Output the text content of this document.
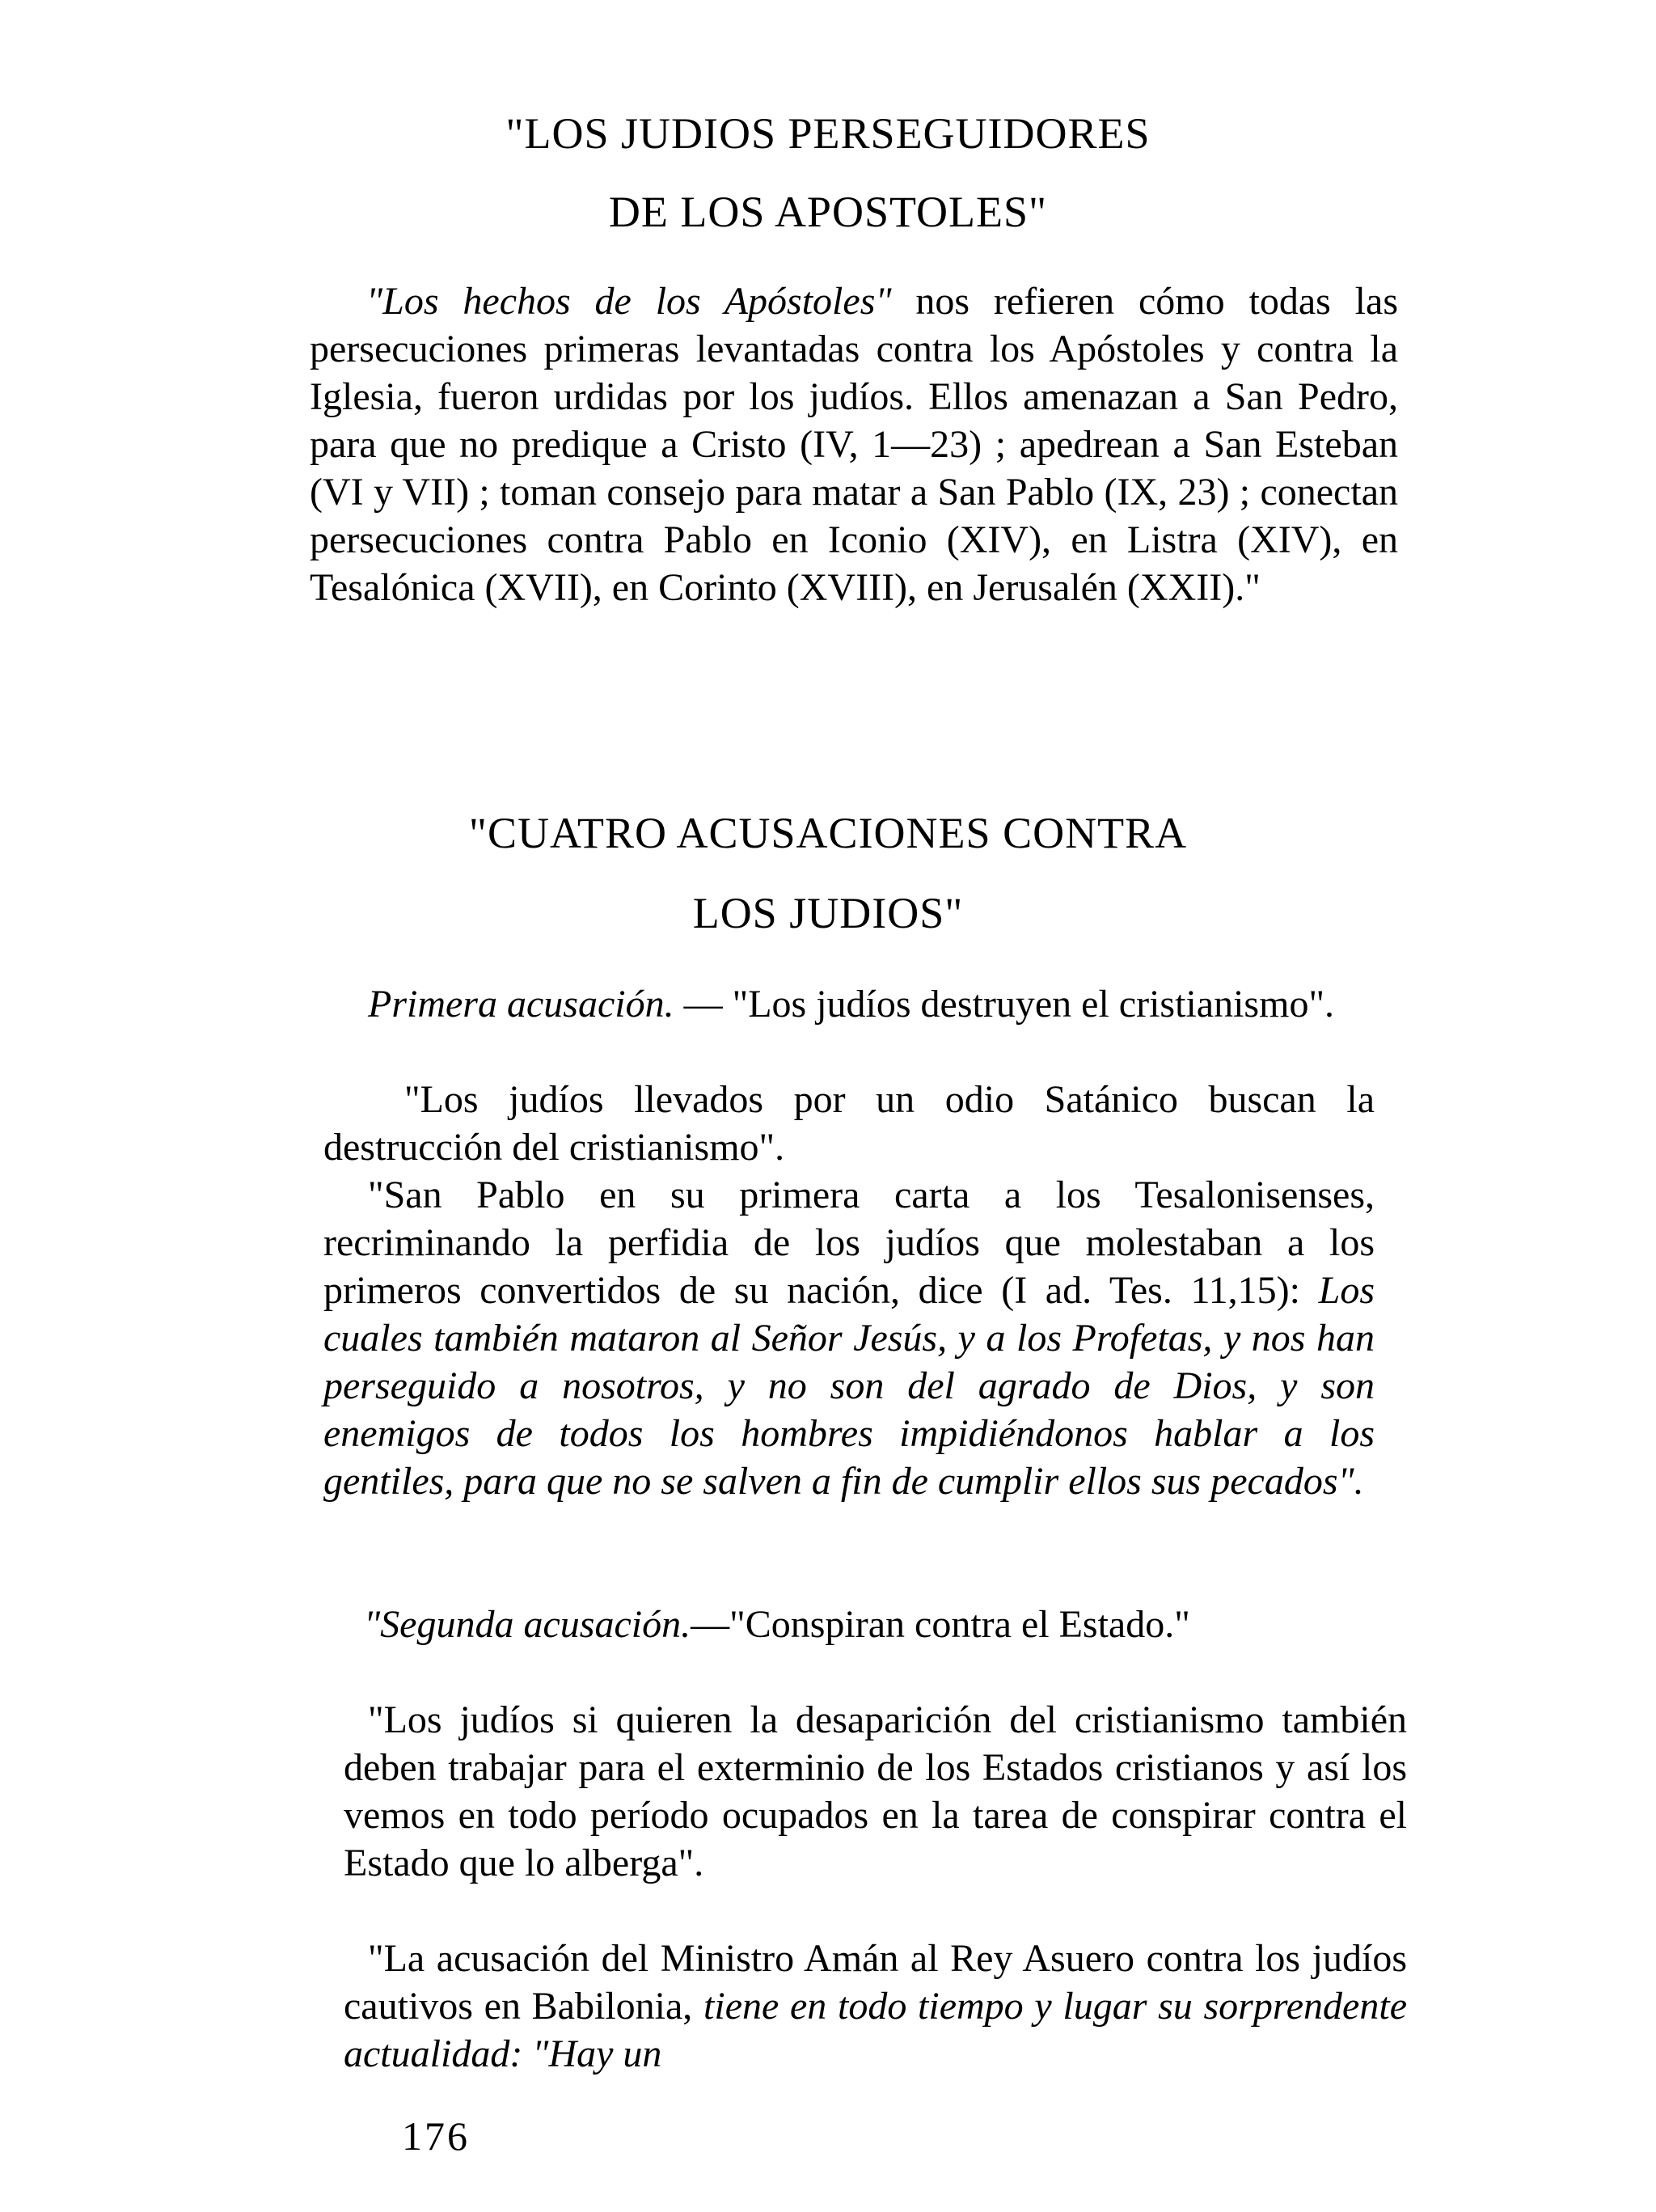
"LOS JUDIOS PERSEGUIDORES
DE LOS APOSTOLES"

"Los hechos de los Apóstoles" nos refieren cómo todas las persecuciones primeras levantadas contra los Apóstoles y contra la Iglesia, fueron urdidas por los judíos. Ellos amenazan a San Pedro, para que no predique a Cristo (IV, 1—23) ; apedrean a San Esteban (VI y VII) ; toman consejo para matar a San Pablo (IX, 23) ; conectan persecuciones contra Pablo en Iconio (XIV), en Listra (XIV), en Tesalónica (XVII), en Corinto (XVIII), en Jerusalén (XXII)."

"CUATRO ACUSACIONES CONTRA
LOS JUDIOS"

Primera acusación. — "Los judíos destruyen el cristianismo".

"Los judíos llevados por un odio Satánico buscan la destrucción del cristianismo".

"San Pablo en su primera carta a los Tesalonisenses, recriminando la perfidia de los judíos que molestaban a los primeros convertidos de su nación, dice (I ad. Tes. 11,15): Los cuales también mataron al Señor Jesús, y a los Profetas, y nos han perseguido a nosotros, y no son del agrado de Dios, y son enemigos de todos los hombres impidiéndonos hablar a los gentiles, para que no se salven a fin de cumplir ellos sus pecados".

"Segunda acusación.—"Conspiran contra el Estado."

"Los judíos si quieren la desaparición del cristianismo también deben trabajar para el exterminio de los Estados cristianos y así los vemos en todo período ocupados en la tarea de conspirar contra el Estado que lo alberga".

"La acusación del Ministro Amán al Rey Asuero contra los judíos cautivos en Babilonia, tiene en todo tiempo y lugar su sorprendente actualidad: "Hay un

176
